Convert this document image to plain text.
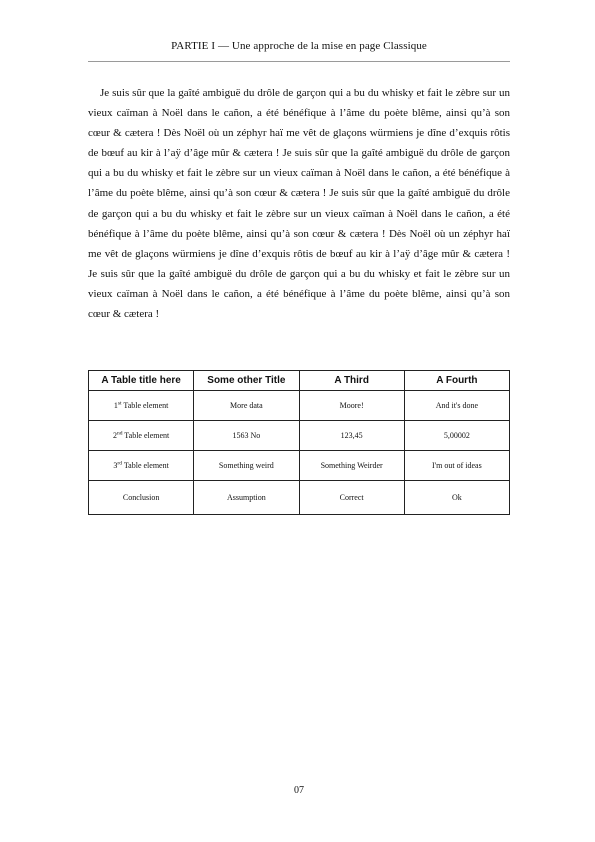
PARTIE I — Une approche de la mise en page Classique

Je suis sûr que la gaîté ambiguë du drôle de garçon qui a bu du whisky et fait le zèbre sur un vieux caïman à Noël dans le cañon, a été bénéfique à l’âme du poète blême, ainsi qu’à son cœur & cætera ! Dès Noël où un zéphyr haï me vêt de glaçons würmiens je dîne d’exquis rôtis de bœuf au kir à l’aÿ d’âge mûr & cætera ! Je suis sûr que la gaîté ambiguë du drôle de garçon qui a bu du whisky et fait le zèbre sur un vieux caïman à Noël dans le cañon, a été bénéfique à l’âme du poète blême, ainsi qu’à son cœur & cætera ! Je suis sûr que la gaîté ambiguë du drôle de garçon qui a bu du whisky et fait le zèbre sur un vieux caïman à Noël dans le cañon, a été bénéfique à l’âme du poète blême, ainsi qu’à son cœur & cætera ! Dès Noël où un zéphyr haï me vêt de glaçons würmiens je dîne d’exquis rôtis de bœuf au kir à l’aÿ d’âge mûr & cætera ! Je suis sûr que la gaîté ambiguë du drôle de garçon qui a bu du whisky et fait le zèbre sur un vieux caïman à Noël dans le cañon, a été bénéfique à l’âme du poète blême, ainsi qu’à son cœur & cætera !

A Table title here	Some other Title	A Third	A Fourth
1st Table element	More data	Moore!	And it's done
2nd Table element	1563 No	123,45	5,00002
3rd Table element	Something weird	Something Weirder	I'm out of ideas
Conclusion	Assumption	Correct	Ok
07
